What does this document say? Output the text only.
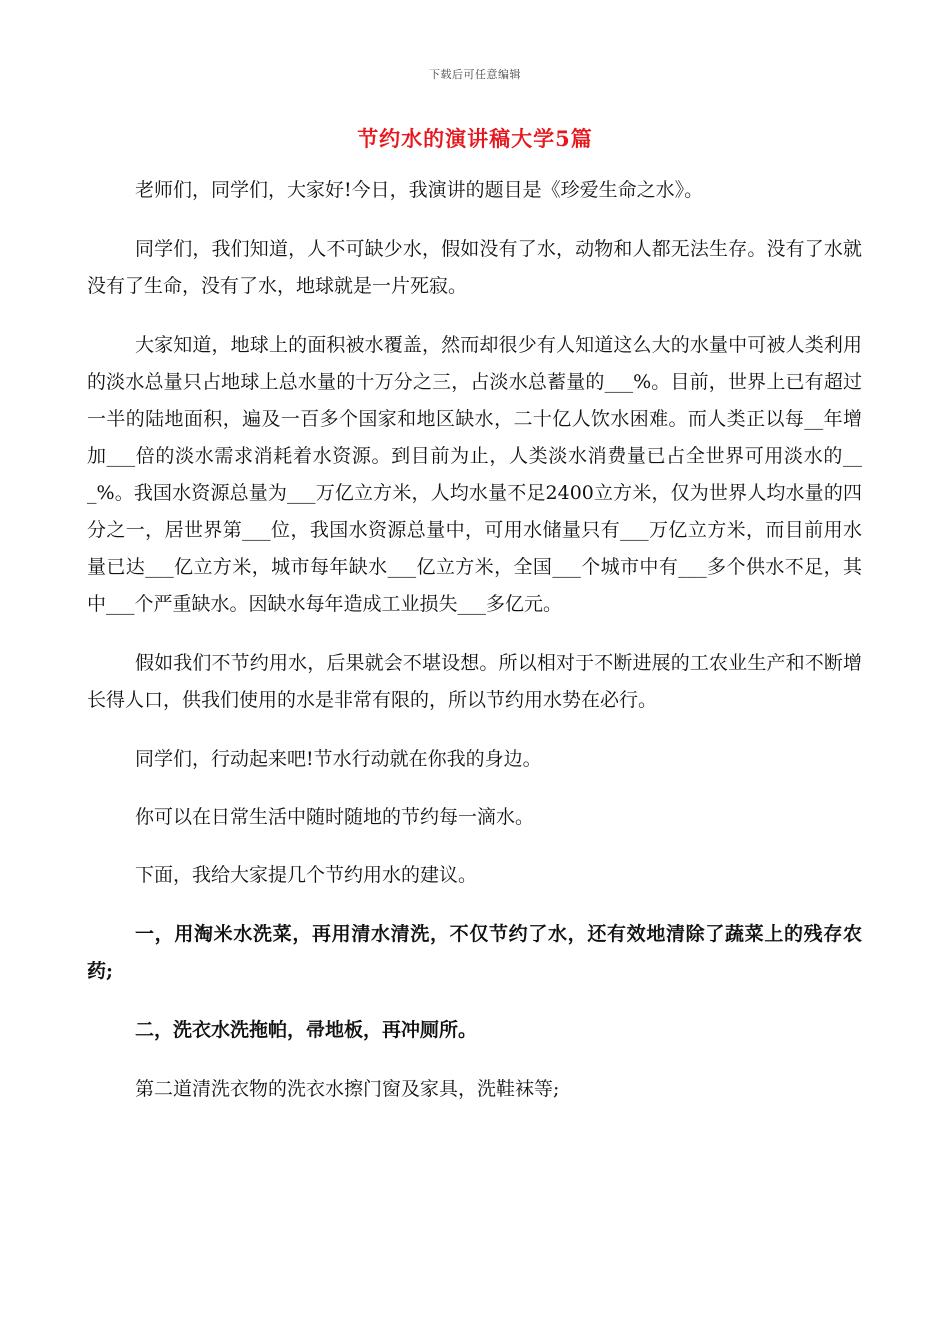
下载后可任意编辑
节约水的演讲稿大学5篇

老师们，同学们，大家好!今日，我演讲的题目是《珍爱生命之水》。

同学们，我们知道，人不可缺少水，假如没有了水，动物和人都无法生存。没有了水就没有了生命，没有了水，地球就是一片死寂。

大家知道，地球上的面积被水覆盖，然而却很少有人知道这么大的水量中可被人类利用的淡水总量只占地球上总水量的十万分之三，占淡水总蓄量的___%。目前，世界上已有超过一半的陆地面积，遍及一百多个国家和地区缺水，二十亿人饮水困难。而人类正以每__年增加___倍的淡水需求消耗着水资源。到目前为止，人类淡水消费量已占全世界可用淡水的___%。我国水资源总量为___万亿立方米，人均水量不足2400立方米，仅为世界人均水量的四分之一，居世界第___位，我国水资源总量中，可用水储量只有___万亿立方米，而目前用水量已达___亿立方米，城市每年缺水___亿立方米，全国___个城市中有___多个供水不足，其中___个严重缺水。因缺水每年造成工业损失___多亿元。

假如我们不节约用水，后果就会不堪设想。所以相对于不断进展的工农业生产和不断增长得人口，供我们使用的水是非常有限的，所以节约用水势在必行。

同学们，行动起来吧!节水行动就在你我的身边。

你可以在日常生活中随时随地的节约每一滴水。

下面，我给大家提几个节约用水的建议。

一，用淘米水洗菜，再用清水清洗，不仅节约了水，还有效地清除了蔬菜上的残存农药;

二，洗衣水洗拖帕，帚地板，再冲厕所。

第二道清洗衣物的洗衣水擦门窗及家具，洗鞋袜等;
